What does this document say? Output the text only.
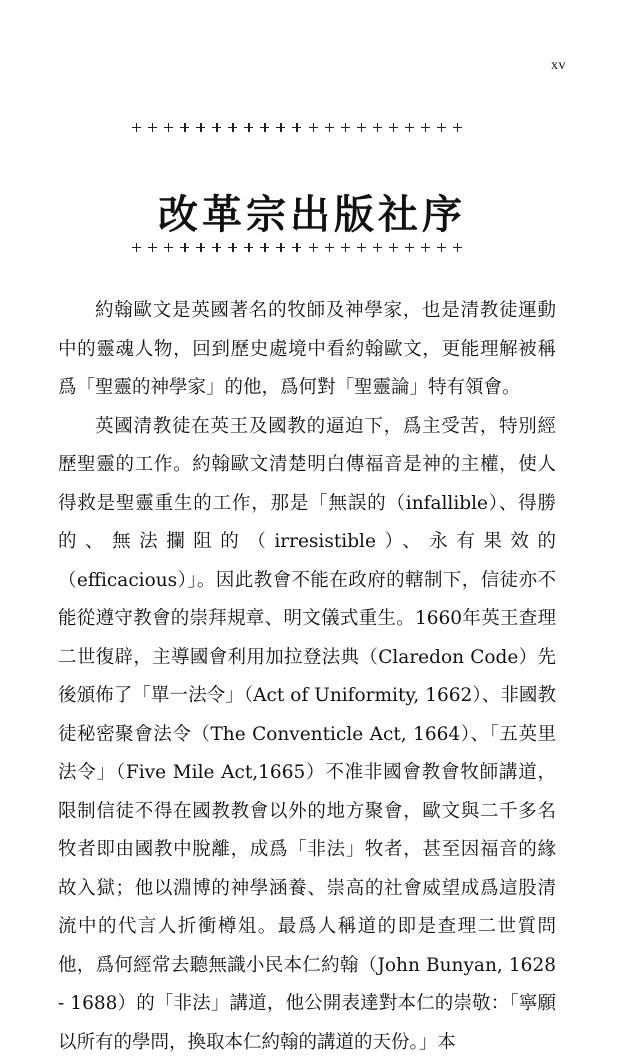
xv
改革宗出版社序

約翰歐文是英國著名的牧師及神學家，也是清教徒運動中的靈魂人物，回到歷史處境中看約翰歐文，更能理解被稱爲「聖靈的神學家」的他，爲何對「聖靈論」特有領會。

英國清教徒在英王及國教的逼迫下，爲主受苦，特別經歷聖靈的工作。約翰歐文清楚明白傳福音是神的主權，使人得救是聖靈重生的工作，那是「無誤的（infallible）、得勝的、無法攔阻的（irresistible）、永有果效的（efficacious）」。因此教會不能在政府的轄制下，信徒亦不能從遵守教會的崇拜規章、明文儀式重生。1660年英王查理二世復辟，主導國會利用加拉登法典（Claredon Code）先後頒佈了「單一法令」（Act of Uniformity, 1662）、非國教徒秘密聚會法令（The Conventicle Act, 1664）、「五英里法令」（Five Mile Act,1665）不准非國會教會牧師講道，限制信徒不得在國教教會以外的地方聚會，歐文與二千多名牧者即由國教中脫離，成爲「非法」牧者，甚至因福音的緣故入獄；他以淵博的神學涵養、崇高的社會威望成爲這股清流中的代言人折衝樽俎。最爲人稱道的即是查理二世質問他，爲何經常去聽無識小民本仁約翰（John Bunyan, 1628 - 1688）的「非法」講道，他公開表達對本仁的崇敬：「寧願以所有的學問，換取本仁約翰的講道的天份。」本
